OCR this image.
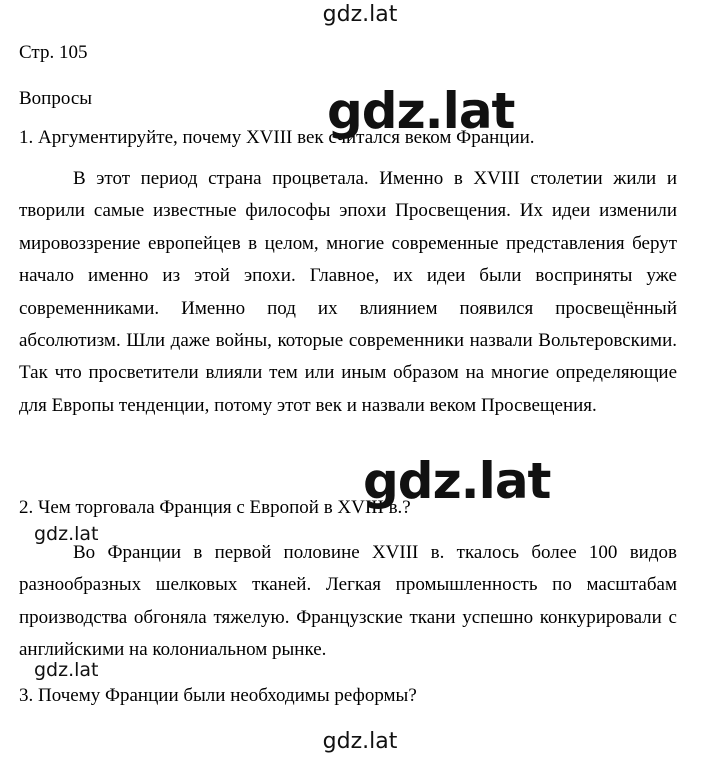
gdz.lat
Стр. 105
Вопросы
1. Аргументируйте, почему XVIII век считался веком Франции.
В этот период страна процветала. Именно в XVIII столетии жили и творили самые известные философы эпохи Просвещения. Их идеи изменили мировоззрение европейцев в целом, многие современные представления берут начало именно из этой эпохи. Главное, их идеи были восприняты уже современниками. Именно под их влиянием появился просвещённый абсолютизм. Шли даже войны, которые современники назвали Вольтеровскими. Так что просветители влияли тем или иным образом на многие определяющие для Европы тенденции, потому этот век и назвали веком Просвещения.
2. Чем торговала Франция с Европой в XVIII в.?
Во Франции в первой половине XVIII в. ткалось более 100 видов разнообразных шелковых тканей. Легкая промышленность по масштабам производства обгоняла тяжелую. Французские ткани успешно конкурировали с английскими на колониальном рынке.
3. Почему Франции были необходимы реформы?
gdz.lat
gdz.lat
gdz.lat
gdz.lat
gdz.lat
